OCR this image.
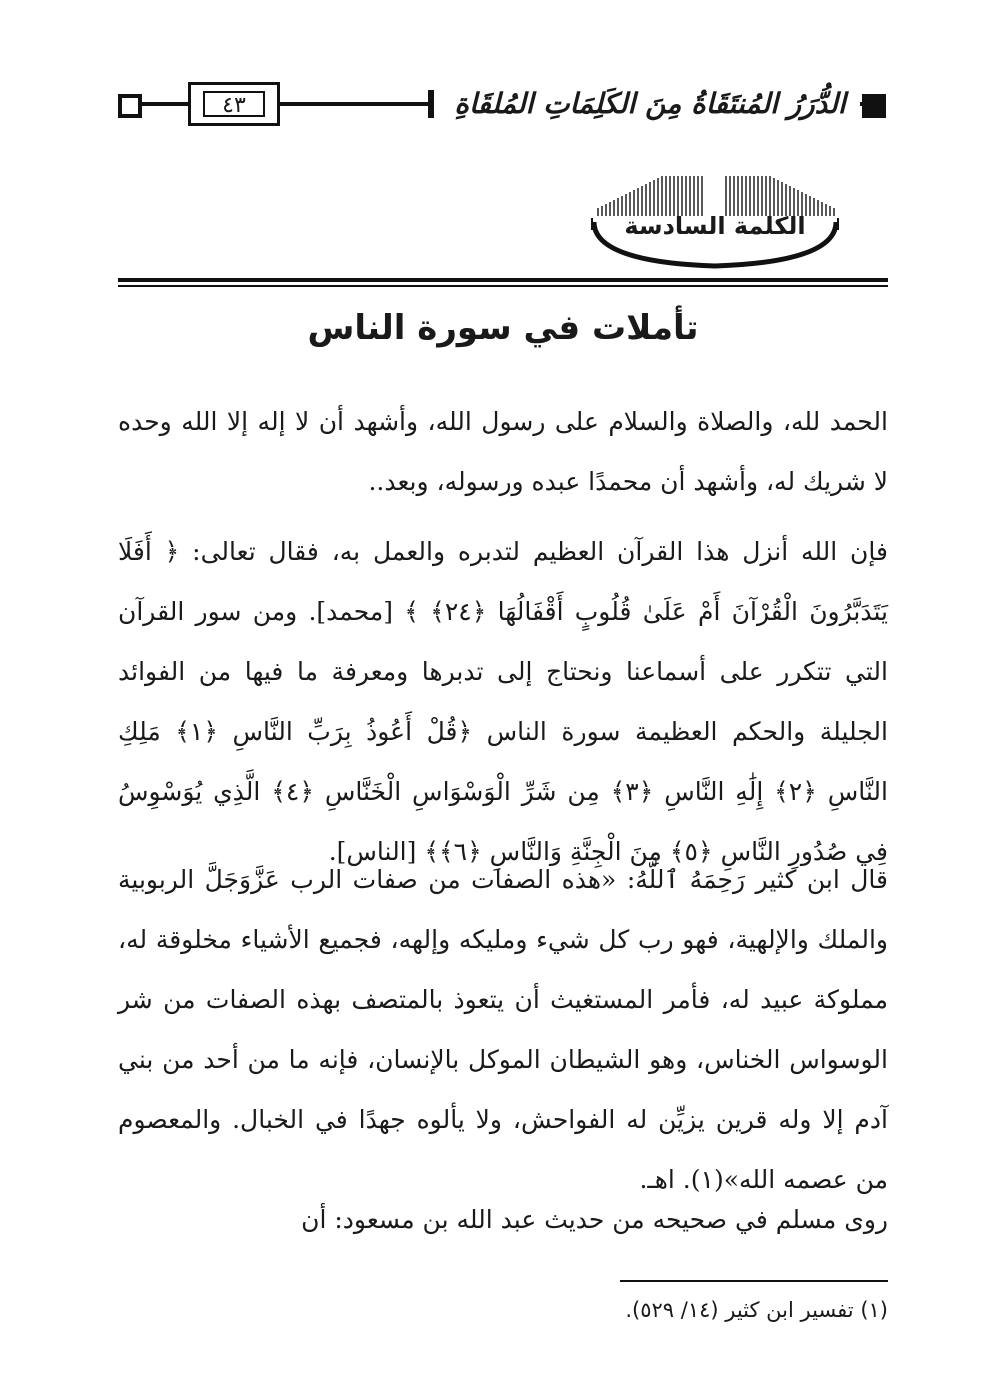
٤٣	الدُّرَرُ المُنتَقَاةُ مِنَ الكَلِمَاتِ المُلقَاةِ
الكلمة السادسة
تأملات في سورة الناس

الحمد لله، والصلاة والسلام على رسول الله، وأشهد أن لا إله إلا الله وحده لا شريك له، وأشهد أن محمدًا عبده ورسوله، وبعد..

فإن الله أنزل هذا القرآن العظيم لتدبره والعمل به، فقال تعالى: ﴿ أَفَلَا يَتَدَبَّرُونَ الْقُرْآنَ أَمْ عَلَىٰ قُلُوبٍ أَقْفَالُهَا ﴿٢٤﴾ ﴾ [محمد]. ومن سور القرآن التي تتكرر على أسماعنا ونحتاج إلى تدبرها ومعرفة ما فيها من الفوائد الجليلة والحكم العظيمة سورة الناس ﴿قُلْ أَعُوذُ بِرَبِّ النَّاسِ ﴿١﴾ مَلِكِ النَّاسِ ﴿٢﴾ إِلَٰهِ النَّاسِ ﴿٣﴾ مِن شَرِّ الْوَسْوَاسِ الْخَنَّاسِ ﴿٤﴾ الَّذِي يُوَسْوِسُ فِي صُدُورِ النَّاسِ ﴿٥﴾ مِنَ الْجِنَّةِ وَالنَّاسِ ﴿٦﴾﴾ [الناس].

قال ابن كثير رَحِمَهُ ٱللَّهُ: «هذه الصفات من صفات الرب عَزَّوَجَلَّ الربوبية والملك والإلهية، فهو رب كل شيء ومليكه وإلهه، فجميع الأشياء مخلوقة له، مملوكة عبيد له، فأمر المستغيث أن يتعوذ بالمتصف بهذه الصفات من شر الوسواس الخناس، وهو الشيطان الموكل بالإنسان، فإنه ما من أحد من بني آدم إلا وله قرين يزيِّن له الفواحش، ولا يألوه جهدًا في الخبال. والمعصوم من عصمه الله»(١). اهـ.

روى مسلم في صحيحه من حديث عبد الله بن مسعود: أن

(١) تفسير ابن كثير (١٤/ ٥٢٩).
